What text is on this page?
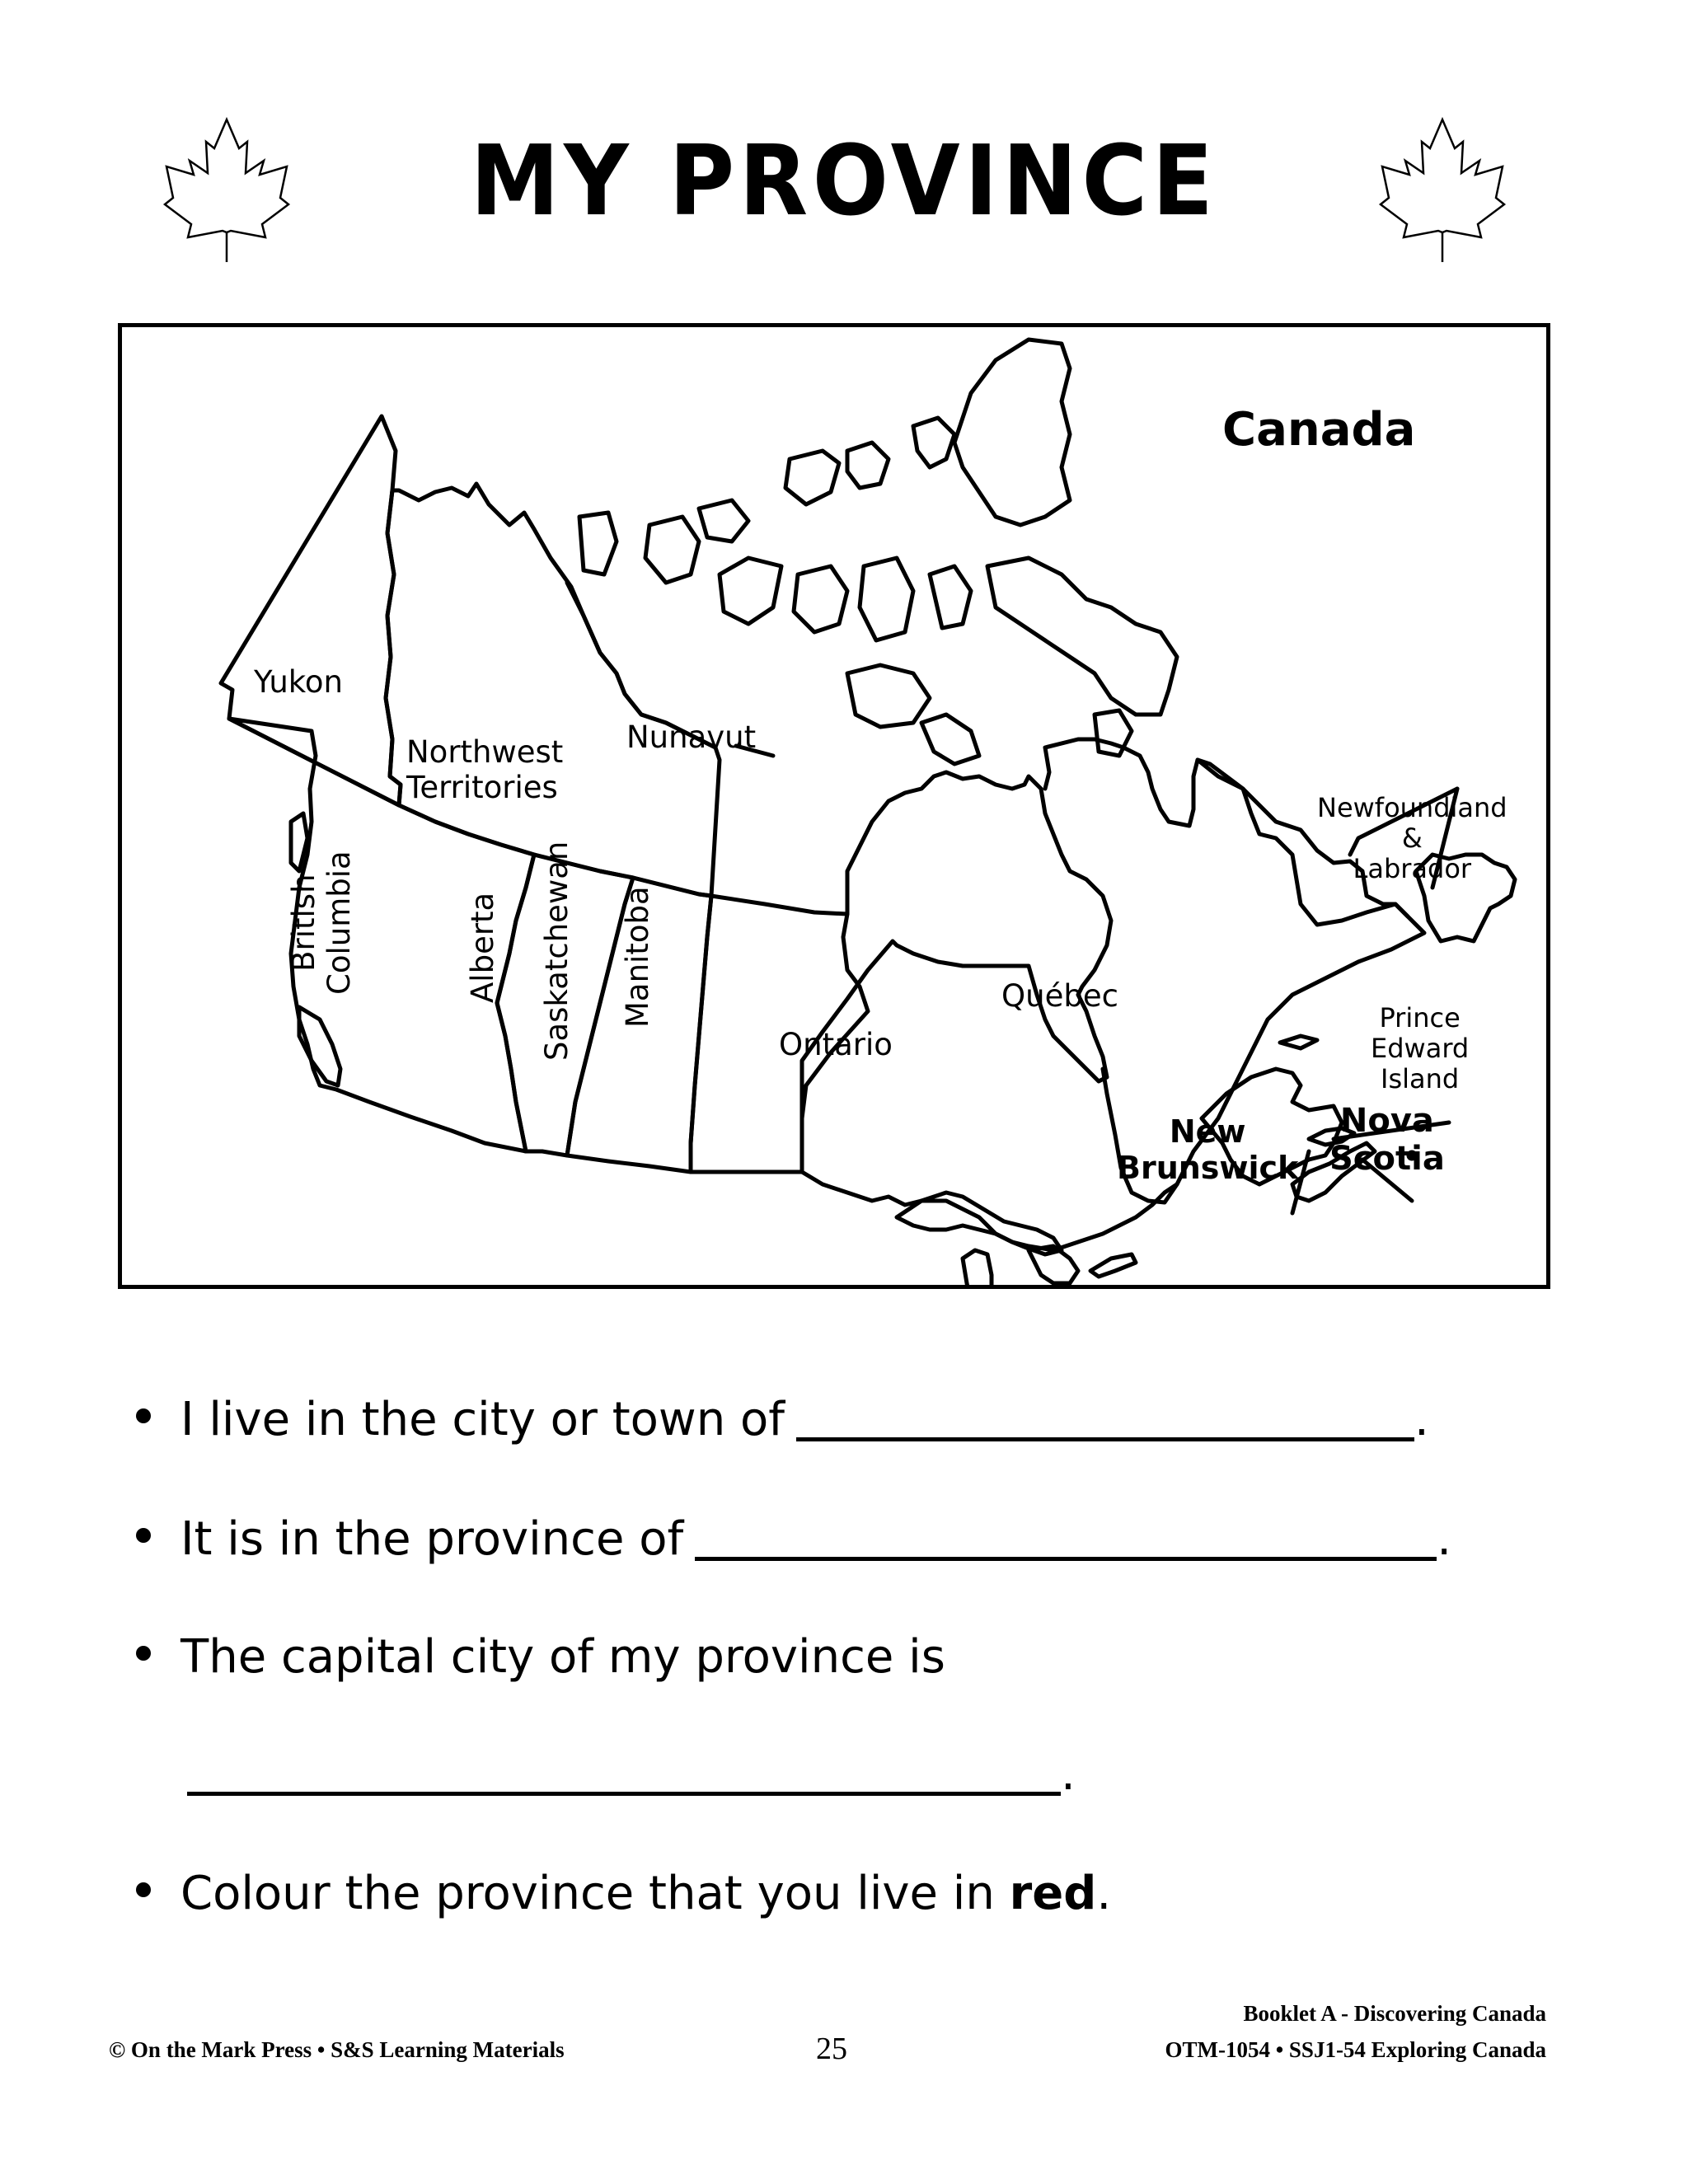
MY PROVINCE
Canada
Yukon
Northwest
Territories
Nunavut
British Columbia	Alberta Saskatchewan Manitoba
Ontario
Québec
Newfoundland
&
Labrador
Prince
Edward
Island
Nova
Scotia
New
Brunswick
I live in the city or town of	.
It is in the province of	.
The capital city of my province is
.
Colour the province that you live in red .
© On the Mark Press • S&S Learning Materials	25
Booklet A - Discovering Canada
OTM-1054 • SSJ1-54 Exploring Canada
